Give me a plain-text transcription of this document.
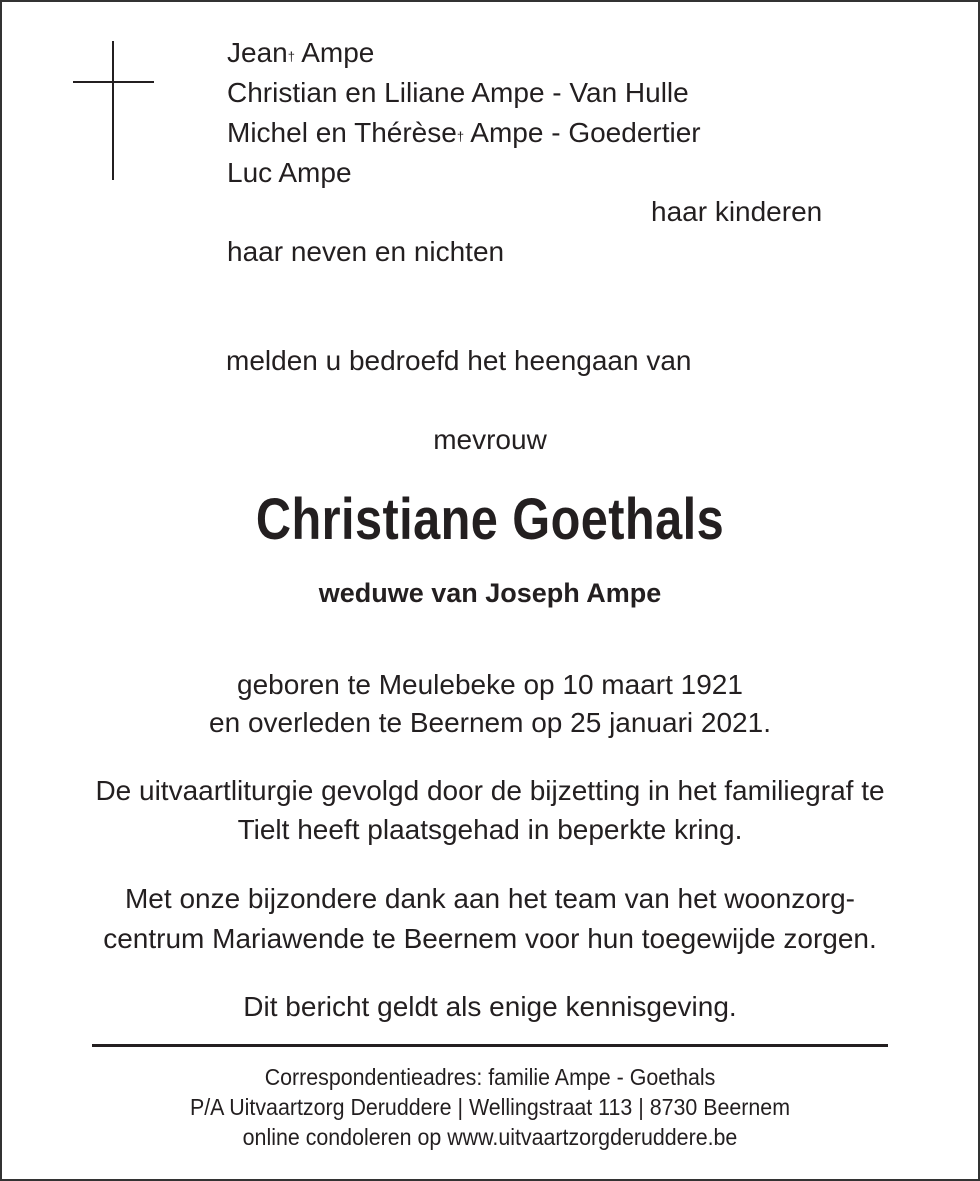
Jean† Ampe
Christian en Liliane Ampe - Van Hulle
Michel en Thérèse† Ampe - Goedertier
Luc Ampe
haar kinderen
haar neven en nichten
melden u bedroefd het heengaan van
mevrouw
Christiane Goethals
weduwe van Joseph Ampe
geboren te Meulebeke op 10 maart 1921
en overleden te Beernem op 25 januari 2021.
De uitvaartliturgie gevolgd door de bijzetting in het familiegraf te
Tielt heeft plaatsgehad in beperkte kring.
Met onze bijzondere dank aan het team van het woonzorg-
centrum Mariawende te Beernem voor hun toegewijde zorgen.
Dit bericht geldt als enige kennisgeving.
Correspondentieadres: familie Ampe - Goethals
P/A Uitvaartzorg Deruddere | Wellingstraat 113 | 8730 Beernem
online condoleren op www.uitvaartzorgderuddere.be
